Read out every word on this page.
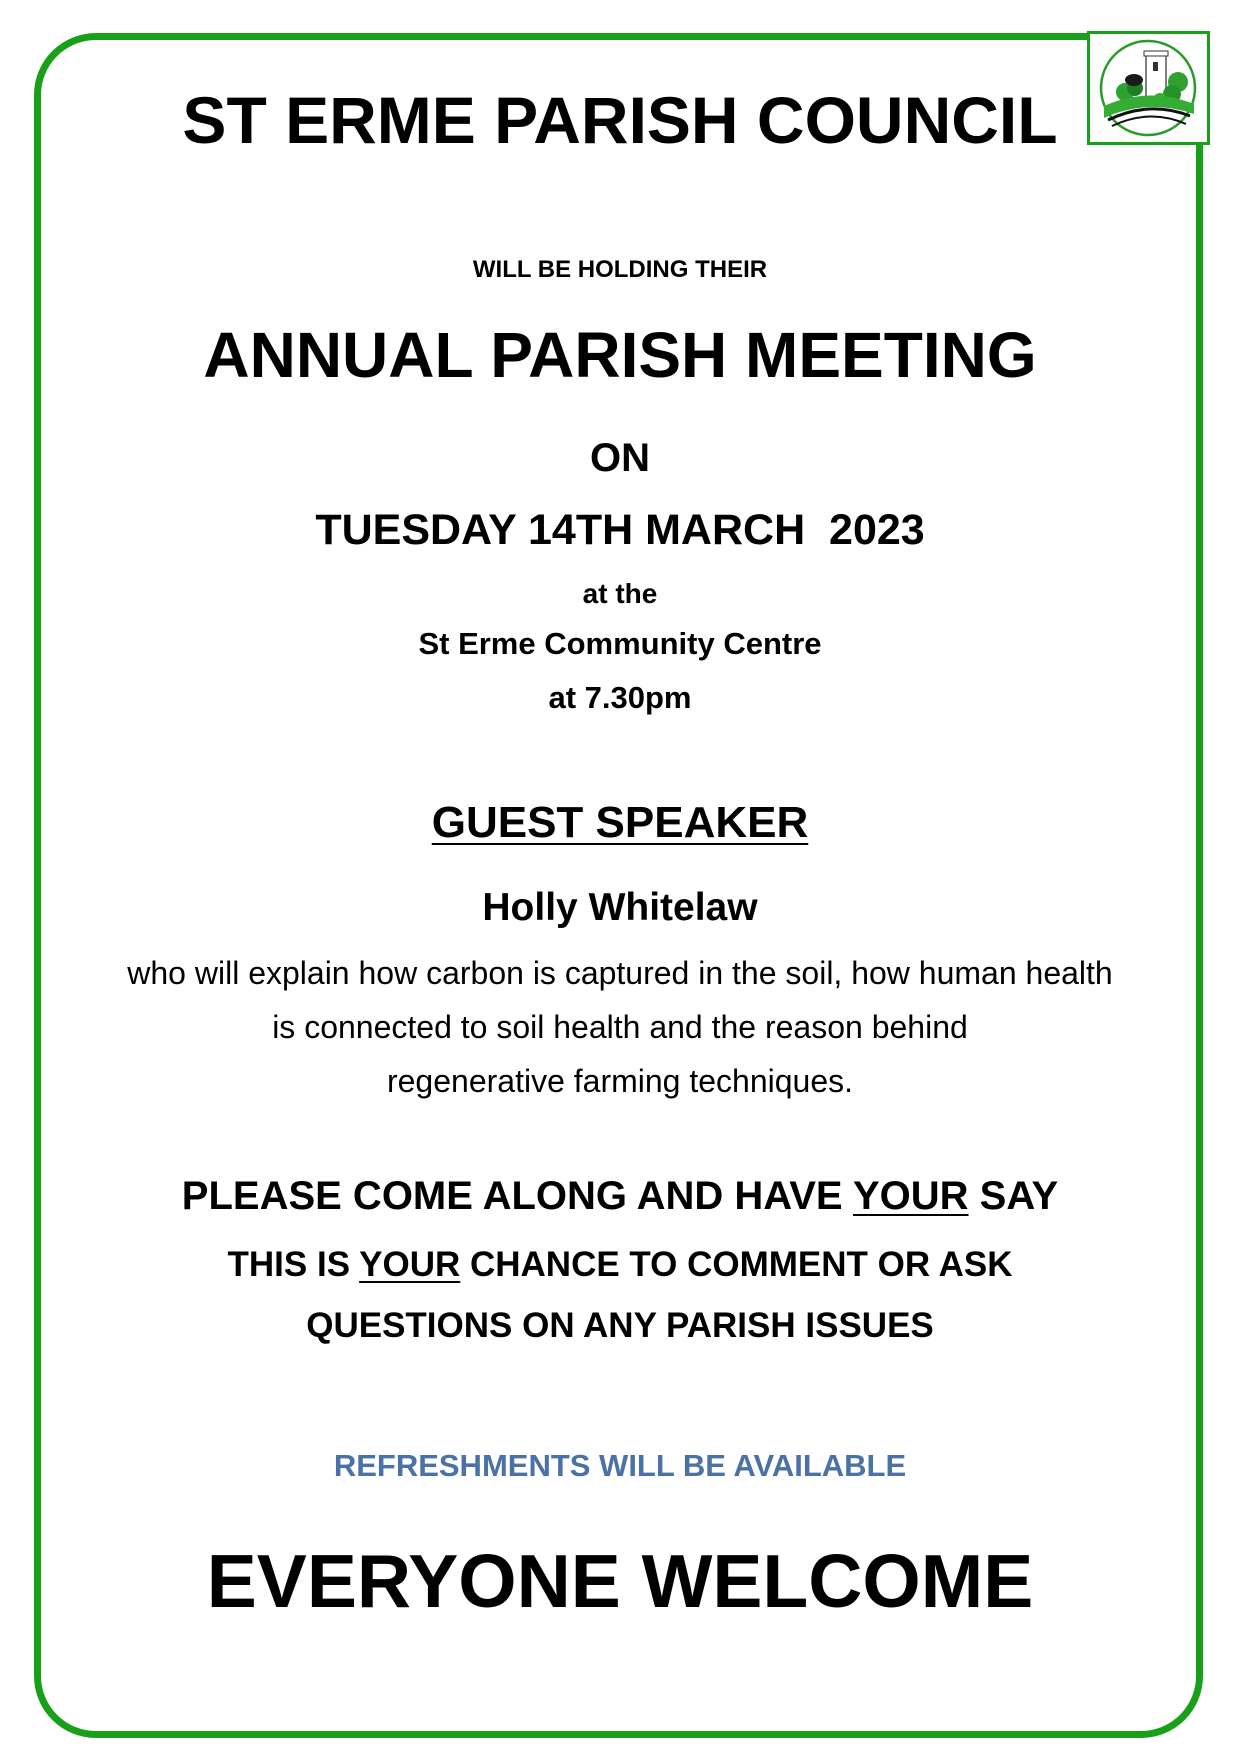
ST ERME PARISH COUNCIL

WILL BE HOLDING THEIR

ANNUAL PARISH MEETING

ON

TUESDAY 14TH MARCH  2023

at the

St Erme Community Centre

at 7.30pm

GUEST SPEAKER

Holly Whitelaw

who will explain how carbon is captured in the soil, how human health

is connected to soil health and the reason behind

regenerative farming techniques.

PLEASE COME ALONG AND HAVE YOUR SAY

THIS IS YOUR CHANCE TO COMMENT OR ASK

QUESTIONS ON ANY PARISH ISSUES

REFRESHMENTS WILL BE AVAILABLE

EVERYONE WELCOME
